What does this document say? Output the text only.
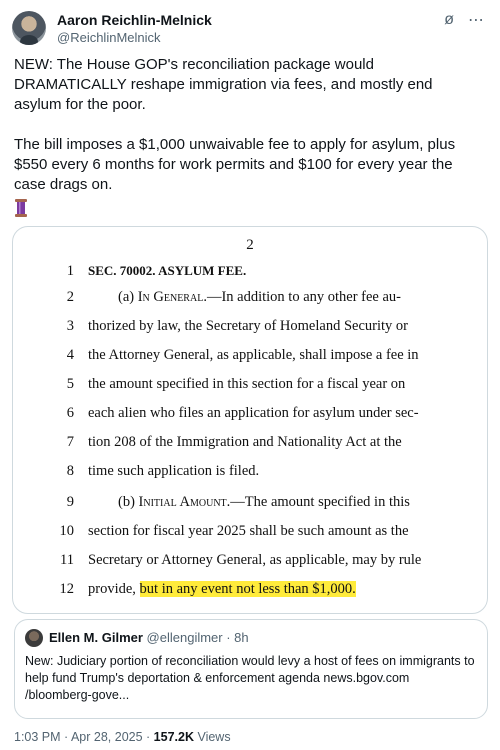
Aaron Reichlin-Melnick
@ReichlinMelnick
ø ⋯

NEW: The House GOP's reconciliation package would DRAMATICALLY reshape immigration via fees, and mostly end asylum for the poor.

The bill imposes a $1,000 unwaivable fee to apply for asylum, plus $550 every 6 months for work permits and $100 for every year the case drags on.

2
1 SEC. 70002. ASYLUM FEE.
2	(a) In General.—In addition to any other fee au-
3 thorized by law, the Secretary of Homeland Security or
4 the Attorney General, as applicable, shall impose a fee in
5 the amount specified in this section for a fiscal year on
6 each alien who files an application for asylum under sec-
7 tion 208 of the Immigration and Nationality Act at the
8 time such application is filed.
9	(b) Initial Amount.—The amount specified in this
10 section for fiscal year 2025 shall be such amount as the
11 Secretary or Attorney General, as applicable, may by rule
12 provide, but in any event not less than $1,000.
Ellen M. Gilmer @ellengilmer · 8h
New: Judiciary portion of reconciliation would levy a host of fees on immigrants to help fund Trump's deportation & enforcement agenda news.bgov.com /bloomberg-gove...
1:03 PM · Apr 28, 2025 · 157.2K Views
